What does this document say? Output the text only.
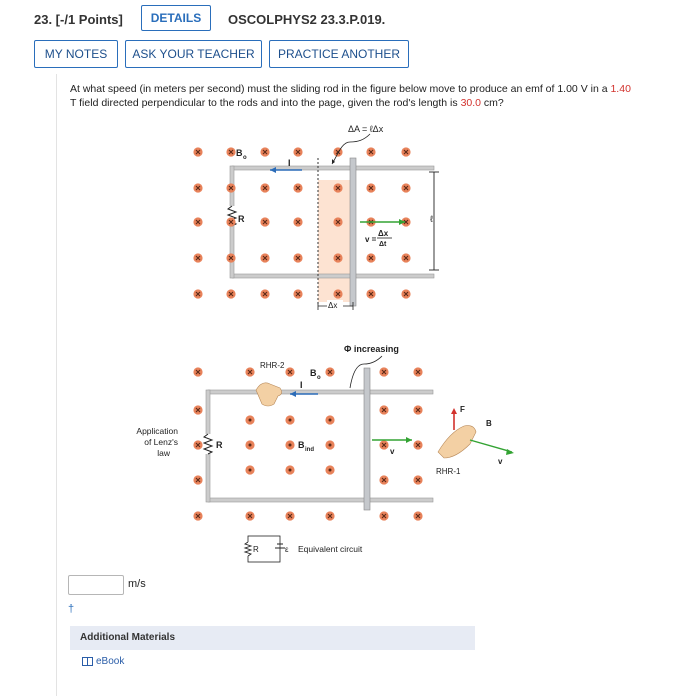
23. [-/1 Points]	DETAILS	OSCOLPHYS2 23.3.P.019.
MY NOTES	ASK YOUR TEACHER	PRACTICE ANOTHER
At what speed (in meters per second) must the sliding rod in the figure below move to produce an emf of 1.00 V in a 1.40
T field directed perpendicular to the rods and into the page, given the rod's length is 30.0 cm?
R
B o	I
ΔA = ℓΔx
v =
Δx
Δt
ℓ
Δx
R
RHR-2
I
B o
B ind
Φ increasing
v
Application
of Lenz's
law
F
B
v
RHR-1
R	ε Equivalent circuit
m/s
†
Additional Materials
eBook
